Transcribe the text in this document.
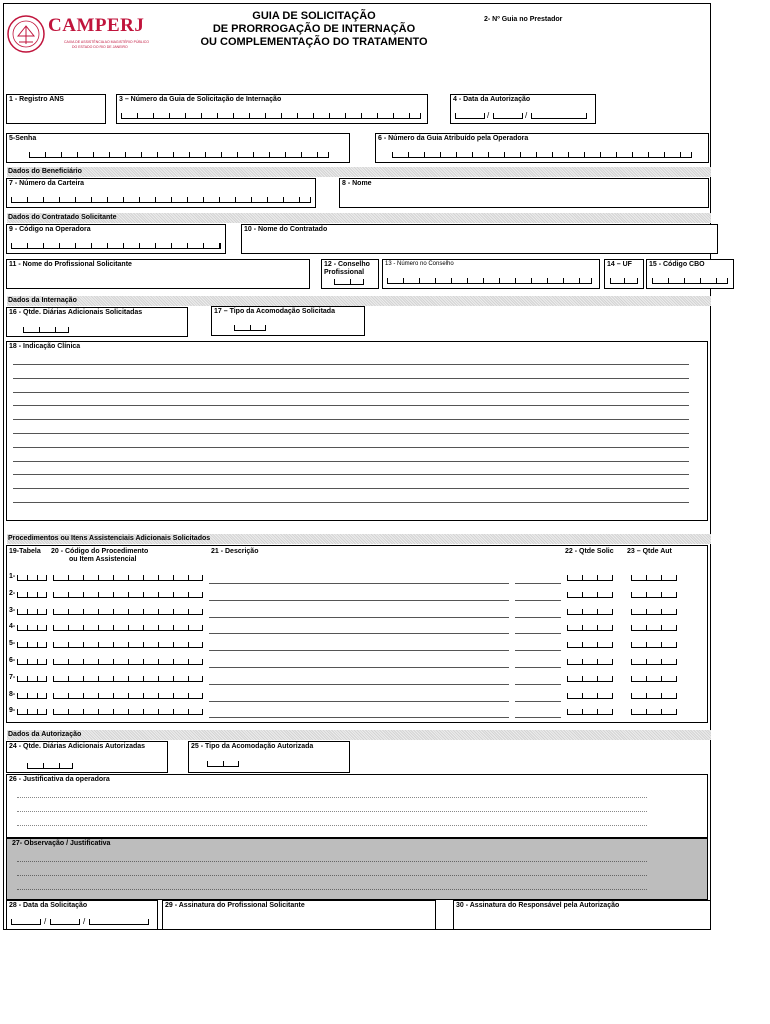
CAMPERJ
CAIXA DE ASSISTÊNCIA AO MAGISTÉRIO PÚBLICO
DO ESTADO DO RIO DE JANEIRO
GUIA DE SOLICITAÇÃO
DE PRORROGAÇÃO DE INTERNAÇÃO
OU COMPLEMENTAÇÃO DO TRATAMENTO
2- Nº Guia no Prestador
1 - Registro ANS	3 – Número da Guia de Solicitação de Internação	4 - Data da Autorização
/	/
5-Senha	6 - Número da Guia Atribuído pela Operadora
Dados do Beneficiário
7 - Número da Carteira	8 - Nome
Dados do Contratado Solicitante
9 - Código na Operadora	10 - Nome do Contratado
11 - Nome do Profissional Solicitante	12 - Conselho
Profissional
13 - Número no Conselho	14 – UF 15 - Código CBO
Dados da Internação
16 - Qtde. Diárias Adicionais Solicitadas	17 – Tipo da Acomodação Solicitada
18 - Indicação Clínica
Procedimentos ou Itens Assistenciais Adicionais Solicitados
19-Tabela 20 - Código do Procedimento
ou Item Assistencial
21 - Descrição	22 - Qtde Solic 23 – Qtde Aut
1-
2-
3-
4-
5-
6-
7-
8-
9-
Dados da Autorização
24 - Qtde. Diárias Adicionais Autorizadas	25 - Tipo da Acomodação Autorizada
26 - Justificativa da operadora
27- Observação / Justificativa
28 - Data da Solicitação
/	/
29 - Assinatura do Profissional Solicitante	30 - Assinatura do Responsável pela Autorização
